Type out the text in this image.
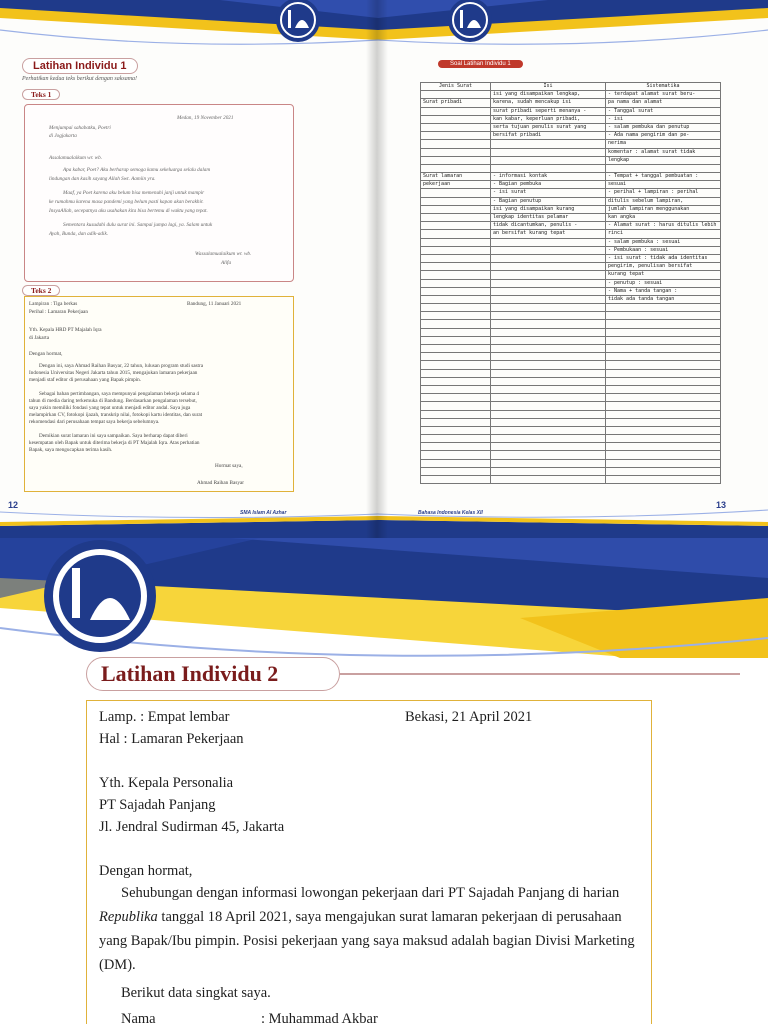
Latihan Individu 1
Perhatikan kedua teks berikut dengan saksama!
Teks 1
Medan, 19 November 2021
Menjumpai sahabatku, Poetri
di Jogjakarta
Assalamualaikum wr. wb.
Apa kabar, Poet? Aku berharap semoga kamu sekeluarga selalu dalam
lindungan dan kasih sayang Allah Swt. Aamiin yra.
Maaf, ya Poet karena aku belum bisa memenuhi janji untuk mampir
ke rumahmu karena masa pandemi yang belum pasti kapan akan berakhir.
InsyaAllah, secepatnya aku usahakan kita bisa bertemu di waktu yang tepat.
Sementara kusudahi dulu surat ini. Sampai jumpa lagi, ya. Salam untuk
Ayah, Bunda, dan adik-adik.
Wassalamualaikum wr. wb.
Alifa
Teks 2
Lampiran : Tiga berkas	Bandung, 11 Januari 2021
Perihal : Lamaran Pekerjaan
Yth. Kepala HRD PT Majalah Iqra
di Jakarta
Dengan hormat,
Dengan ini, saya Ahmad Raihan Basyar, 22 tahun, lulusan program studi sastra
Indonesia Universitas Negeri Jakarta tahun 2015, mengajukan lamaran pekerjaan
menjadi staf editor di perusahaan yang Bapak pimpin.
Sebagai bahan pertimbangan, saya mempunyai pengalaman bekerja selama 4
tahun di media daring terkemuka di Bandung. Berdasarkan pengalaman tersebut,
saya yakin memiliki fondasi yang tepat untuk menjadi editor andal. Saya juga
melampirkan CV, fotokopi ijazah, transkrip nilai, fotokopi kartu identitas, dan surat
rekomendasi dari perusahaan tempat saya bekerja sebelumnya.
Demikian surat lamaran ini saya sampaikan. Saya berharap dapat diberi
kesempatan oleh Bapak untuk diterima bekerja di PT Majalah Iqra. Atas perhatian
Bapak, saya mengucapkan terima kasih.
Hormat saya,
Ahmad Raihan Basyar
12
SMA Islam Al Azhar
Soal Latihan Individu 1
Jenis Surat	Isi	Sistematika
	isi yang disampaikan lengkap,	- terdapat alamat surat beru-
Surat pribadi	karena, sudah mencakup isi	pa nama dan alamat
	surat pribadi seperti menanya -	- Tanggal surat
	kan kabar, keperluan pribadi,	- isi
	serta tujuan penulis surat yang	- salam pembuka dan penutup
	bersifat pribadi	- Ada nama pengirim dan pe-
		nerima
		komentar : alamat surat tidak
		lengkap

Surat lamaran	- informasi kontak	- Tempat + tanggal pembuatan :
pekerjaan	- Bagian pembuka	sesuai
	- isi surat	- perihal + lampiran : perihal
	- Bagian penutup	ditulis sebelum lampiran,
	isi yang disampaikan kurang	jumlah lampiran menggunakan
	lengkap identitas pelamar	kan angka
	tidak dicantumkan, penulis -	- Alamat surat : harus ditulis lebih
	an bersifat kurang tepat	rinci
		- salam pembuka : sesuai
		- Pembukaan : sesuai
		- isi surat : tidak ada identitas
		pengirim, penulisan bersifat
		kurang tepat
		- penutup : sesuai
		- Nama + tanda tangan :
		tidak ada tanda tangan

13
Bahasa Indonesia Kelas XII
Latihan Individu 2
Lamp. : Empat lembar	Bekasi, 21 April 2021
Hal : Lamaran Pekerjaan
Yth. Kepala Personalia
PT Sajadah Panjang
Jl. Jendral Sudirman 45, Jakarta
Dengan hormat,
Sehubungan dengan informasi lowongan pekerjaan dari PT Sajadah Panjang di harian
Republika tanggal 18 April 2021, saya mengajukan surat lamaran pekerjaan di perusahaan
yang Bapak/Ibu pimpin. Posisi pekerjaan yang saya maksud adalah bagian Divisi Marketing
(DM).
Berikut data singkat saya.
Nama	: Muhammad Akbar
